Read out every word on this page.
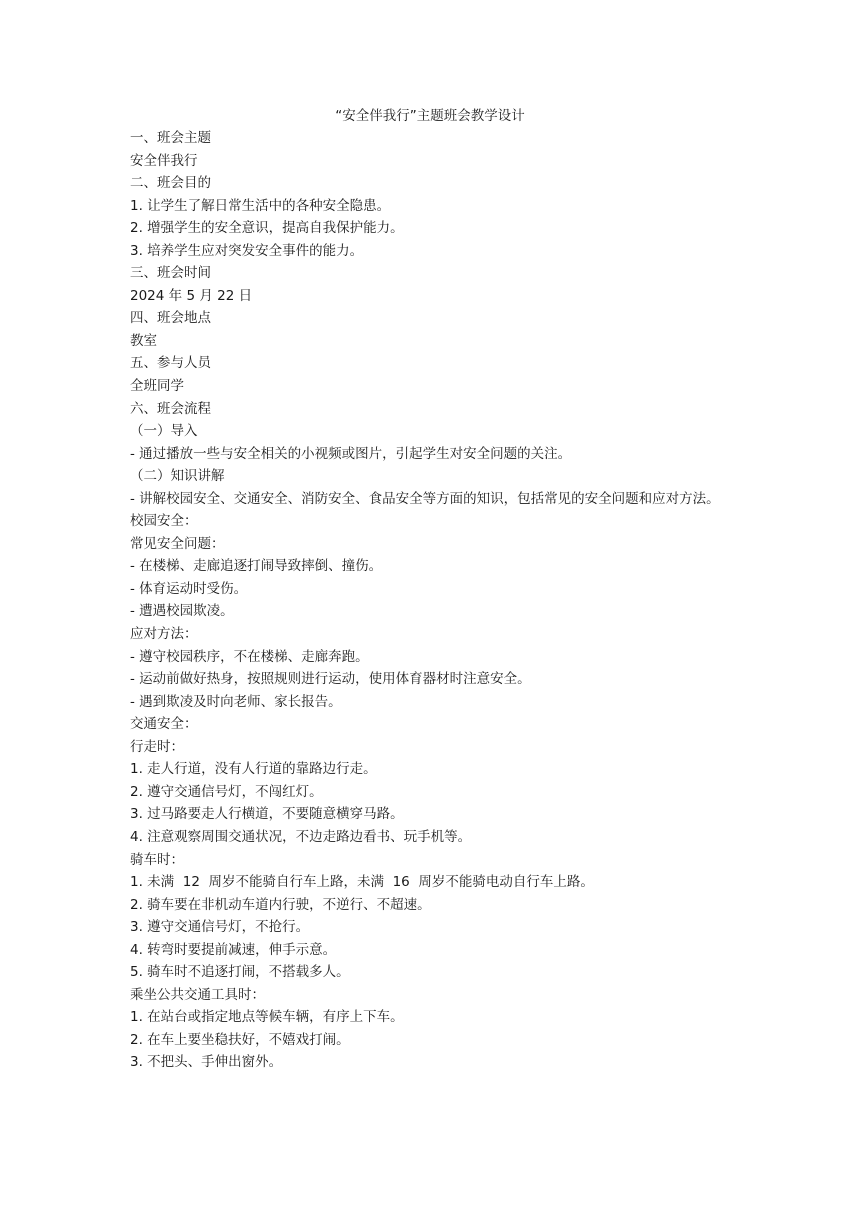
“安全伴我行”主题班会教学设计

一、班会主题

安全伴我行

二、班会目的

1. 让学生了解日常生活中的各种安全隐患。

2. 增强学生的安全意识，提高自我保护能力。

3. 培养学生应对突发安全事件的能力。

三、班会时间

2024 年 5 月 22 日

四、班会地点

教室

五、参与人员

全班同学

六、班会流程

（一）导入

- 通过播放一些与安全相关的小视频或图片，引起学生对安全问题的关注。

（二）知识讲解

- 讲解校园安全、交通安全、消防安全、食品安全等方面的知识，包括常见的安全问题和应对方法。

校园安全：

常见安全问题：

- 在楼梯、走廊追逐打闹导致摔倒、撞伤。

- 体育运动时受伤。

- 遭遇校园欺凌。

应对方法：

- 遵守校园秩序，不在楼梯、走廊奔跑。

- 运动前做好热身，按照规则进行运动，使用体育器材时注意安全。

- 遇到欺凌及时向老师、家长报告。

交通安全：

行走时：

1. 走人行道，没有人行道的靠路边行走。

2. 遵守交通信号灯，不闯红灯。

3. 过马路要走人行横道，不要随意横穿马路。

4. 注意观察周围交通状况，不边走路边看书、玩手机等。

骑车时：

1. 未满  12  周岁不能骑自行车上路，未满  16  周岁不能骑电动自行车上路。

2. 骑车要在非机动车道内行驶，不逆行、不超速。

3. 遵守交通信号灯，不抢行。

4. 转弯时要提前减速，伸手示意。

5. 骑车时不追逐打闹，不搭载多人。

乘坐公共交通工具时：

1. 在站台或指定地点等候车辆，有序上下车。

2. 在车上要坐稳扶好，不嬉戏打闹。

3. 不把头、手伸出窗外。
